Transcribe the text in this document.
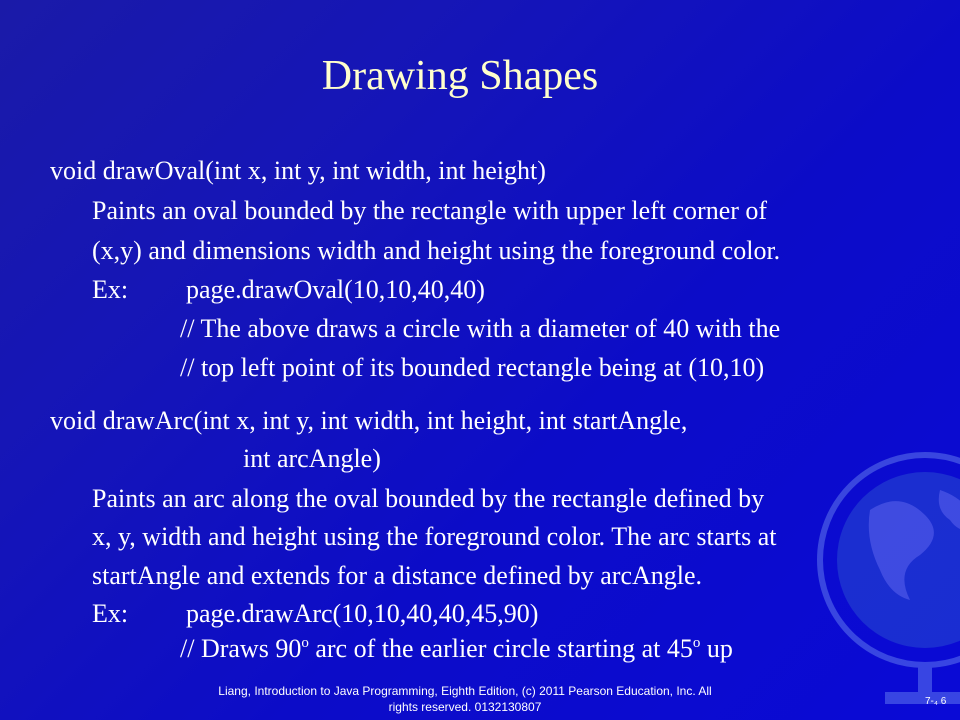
Drawing Shapes
void drawOval(int x, int y, int width, int height)
Paints an oval bounded by the rectangle with upper left corner of
(x,y) and dimensions width and height using the foreground color.
Ex: page.drawOval(10,10,40,40)
// The above draws a circle with a diameter of 40 with the
// top left point of its bounded rectangle being at (10,10)
void drawArc(int x, int y, int width, int height, int startAngle,
int arcAngle)
Paints an arc along the oval bounded by the rectangle defined by
x, y, width and height using the foreground color. The arc starts at
startAngle and extends for a distance defined by arcAngle.
Ex: page.drawArc(10,10,40,40,45,90)
// Draws 90$^o$ arc of the earlier circle starting at 45$^o$ up
Liang, Introduction to Java Programming, Eighth Edition, (c) 2011 Pearson Education, Inc. All
rights reserved. 0132130807	7-₄ 6
